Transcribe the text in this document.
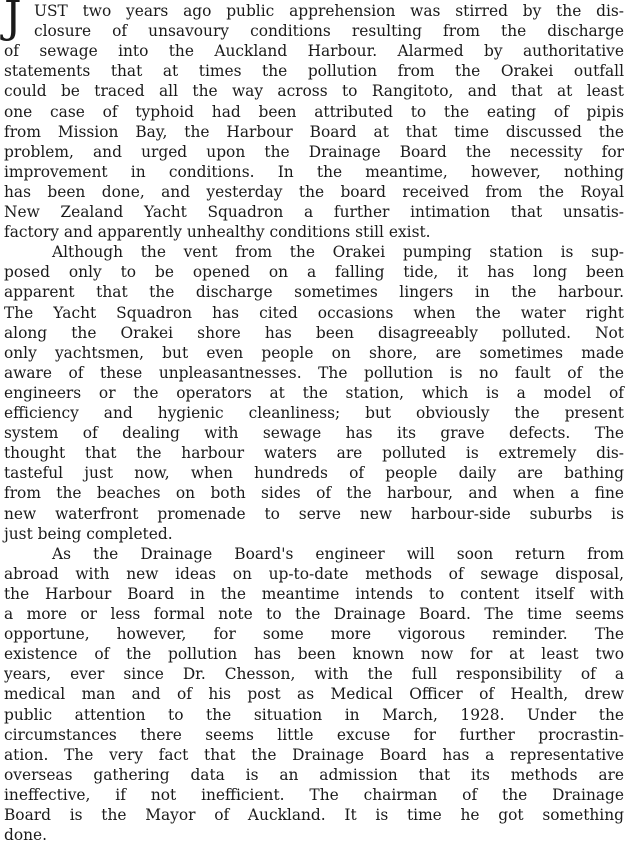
J UST two years ago public apprehension was stirred by the dis-
closure of unsavoury conditions resulting from the discharge
of sewage into the Auckland Harbour. Alarmed by authoritative
statements that at times the pollution from the Orakei outfall
could be traced all the way across to Rangitoto, and that at least
one case of typhoid had been attributed to the eating of pipis
from Mission Bay, the Harbour Board at that time discussed the
problem, and urged upon the Drainage Board the necessity for
improvement in conditions. In the meantime, however, nothing
has been done, and yesterday the board received from the Royal
New Zealand Yacht Squadron a further intimation that unsatis-
factory and apparently unhealthy conditions still exist.
Although the vent from the Orakei pumping station is sup-
posed only to be opened on a falling tide, it has long been
apparent that the discharge sometimes lingers in the harbour.
The Yacht Squadron has cited occasions when the water right
along the Orakei shore has been disagreeably polluted. Not
only yachtsmen, but even people on shore, are sometimes made
aware of these unpleasantnesses. The pollution is no fault of the
engineers or the operators at the station, which is a model of
efficiency and hygienic cleanliness; but obviously the present
system of dealing with sewage has its grave defects. The
thought that the harbour waters are polluted is extremely dis-
tasteful just now, when hundreds of people daily are bathing
from the beaches on both sides of the harbour, and when a fine
new waterfront promenade to serve new harbour-side suburbs is
just being completed.
As the Drainage Board's engineer will soon return from
abroad with new ideas on up-to-date methods of sewage disposal,
the Harbour Board in the meantime intends to content itself with
a more or less formal note to the Drainage Board. The time seems
opportune, however, for some more vigorous reminder. The
existence of the pollution has been known now for at least two
years, ever since Dr. Chesson, with the full responsibility of a
medical man and of his post as Medical Officer of Health, drew
public attention to the situation in March, 1928. Under the
circumstances there seems little excuse for further procrastin-
ation. The very fact that the Drainage Board has a representative
overseas gathering data is an admission that its methods are
ineffective, if not inefficient. The chairman of the Drainage
Board is the Mayor of Auckland. It is time he got something
done.
